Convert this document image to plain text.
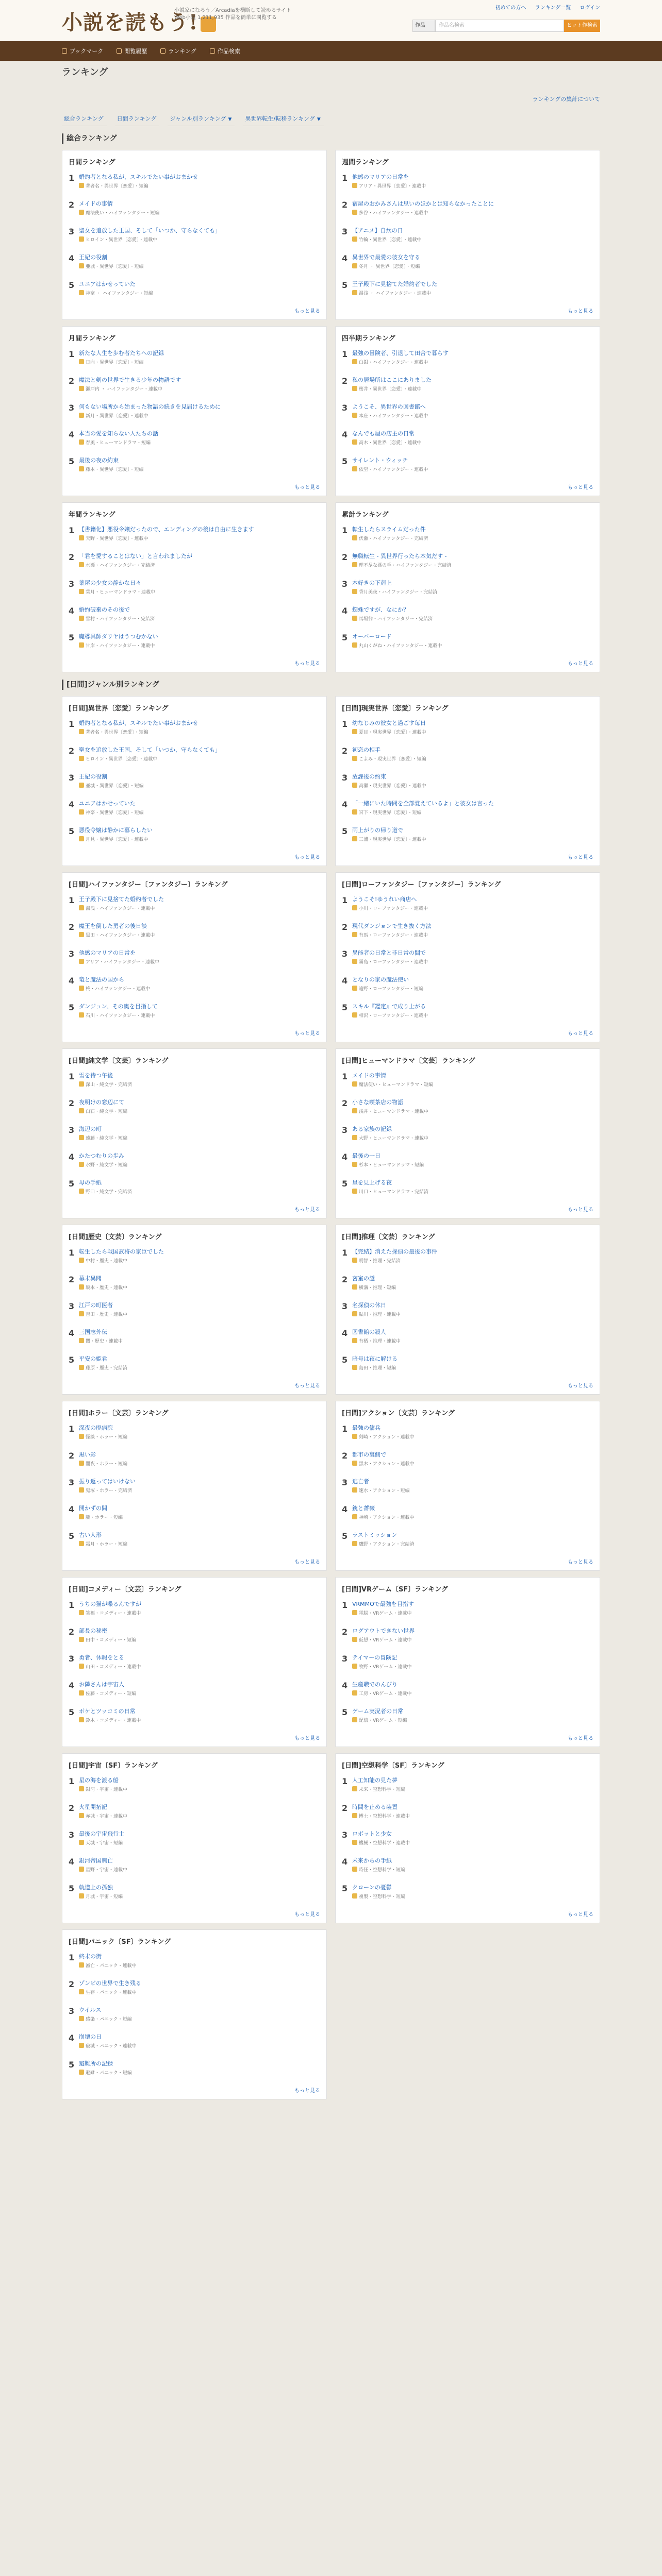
小説を読もう!
小説家になろう／Arcadiaを横断して読めるサイト
Web小説 1,211,935 作品を簡単に閲覧する
初めての方へ ランキング一覧 ログイン
作品	作品名検索	ヒット作検索
ブックマーク	閲覧履歴	ランキング	作品検索
ランキング
ランキングの集計について
総合ランキング	日間ランキング	ジャンル別ランキング ▼	異世界転生/転移ランキング ▼
総合ランキング
日間ランキング
1 婚約者となる私が、スキルでたい事がおまかせ
著者名・異世界〔恋愛〕・短編
2 メイドの事情
魔法使い・ハイファンタジー・短編
3 聖女を追放した王国、そして「いつか、守らなくても」
ヒロイン・異世界〔恋愛〕・連載中
4 王妃の役割
亜城・異世界〔恋愛〕・短編
5 ユニアはかせっていた
神奈 ・ ハイファンタジー・短編
もっと見る
週間ランキング
1 他感のマリアの日常を
アリア・異世界〔恋愛〕・連載中
2 宿屋のおかみさんは思いのほかとは知らなかったことに
多谷・ハイファンタジー・連載中
3 【アニメ】自炊の日
竹輪・異世界〔恋愛〕・連載中
4 異世界で最愛の彼女を守る
冬月 ・ 異世界〔恋愛〕・短編
5 王子殿下に見捨てた婚約者でした
湯浅 ・ ハイファンタジー・連載中
もっと見る
月間ランキング
1 新たな人生を歩む者たちへの記録
日向・異世界〔恋愛〕・短編
2 魔法と剣の世界で生きる少年の物語です
瀬戸内 ・ ハイファンタジー・連載中
3 何もない場所から始まった物語の続きを見届けるために
新月・異世界〔恋愛〕・連載中
4 本当の愛を知らない人たちの話
春風・ヒューマンドラマ・短編
5 最後の夜の約束
藤本・異世界〔恋愛〕・短編
もっと見る
四半期ランキング
1 最強の冒険者、引退して田舎で暮らす
白銀・ハイファンタジー・連載中
2 私の居場所はここにありました
桜井・異世界〔恋愛〕・連載中
3 ようこそ、異世界の図書館へ
本庄・ハイファンタジー・連載中
4 なんでも屋の店主の日常
高木・異世界〔恋愛〕・連載中
5 サイレント・ウィッチ
依空・ハイファンタジー・連載中
もっと見る
年間ランキング
1 【書籍化】悪役令嬢だったので、エンディングの後は自由に生きます
天野・異世界〔恋愛〕・連載中
2 「君を愛することはない」と言われましたが
水瀬・ハイファンタジー・完結済
3 薬屋の少女の静かな日々
葉月・ヒューマンドラマ・連載中
4 婚約破棄のその後で
雪村・ハイファンタジー・完結済
5 魔導具師ダリヤはうつむかない
甘岸・ハイファンタジー・連載中
もっと見る
累計ランキング
1 転生したらスライムだった件
伏瀬・ハイファンタジー・完結済
2 無職転生 ‐ 異世界行ったら本気だす ‐
理不尽な孫の手・ハイファンタジー・完結済
3 本好きの下剋上
香月美夜・ハイファンタジー・完結済
4 蜘蛛ですが、なにか？
馬場翁・ハイファンタジー・完結済
5 オーバーロード
丸山くがね・ハイファンタジー・連載中
もっと見る
[日間]ジャンル別ランキング
[日間]異世界〔恋愛〕ランキング
1 婚約者となる私が、スキルでたい事がおまかせ
著者名・異世界〔恋愛〕・短編
2 聖女を追放した王国、そして「いつか、守らなくても」
ヒロイン・異世界〔恋愛〕・連載中
3 王妃の役割
亜城・異世界〔恋愛〕・短編
4 ユニアはかせっていた
神奈・異世界〔恋愛〕・短編
5 悪役令嬢は静かに暮らしたい
月見・異世界〔恋愛〕・連載中
もっと見る
[日間]現実世界〔恋愛〕ランキング
1 幼なじみの彼女と過ごす毎日
夏目・現実世界〔恋愛〕・連載中
2 初恋の相手
こよみ・現実世界〔恋愛〕・短編
3 放課後の約束
高瀬・現実世界〔恋愛〕・連載中
4 「一緒にいた時間を全部覚えているよ」と彼女は言った
宮下・現実世界〔恋愛〕・短編
5 雨上がりの帰り道で
三浦・現実世界〔恋愛〕・連載中
もっと見る
[日間]ハイファンタジー〔ファンタジー〕ランキング
1 王子殿下に見捨てた婚約者でした
湯浅・ハイファンタジー・連載中
2 魔王を倒した勇者の後日談
黒田・ハイファンタジー・連載中
3 他感のマリアの日常を
アリア・ハイファンタジー・連載中
4 竜と魔法の国から
柊・ハイファンタジー・連載中
5 ダンジョン、その奥を目指して
石川・ハイファンタジー・連載中
もっと見る
[日間]ローファンタジー〔ファンタジー〕ランキング
1 ようこそ!ゆうれい商店へ
小川・ローファンタジー・連載中
2 現代ダンジョンで生き抜く方法
有馬・ローファンタジー・連載中
3 異能者の日常と非日常の間で
霧島・ローファンタジー・連載中
4 となりの家の魔法使い
遠野・ローファンタジー・短編
5 スキル『鑑定』で成り上がる
相沢・ローファンタジー・連載中
もっと見る
[日間]純文学〔文芸〕ランキング
1 雪を待つ午後
深山・純文学・完結済
2 夜明けの窓辺にて
白石・純文学・短編
3 海辺の町
遠藤・純文学・短編
4 かたつむりの歩み
水野・純文学・短編
5 母の手紙
野口・純文学・完結済
もっと見る
[日間]ヒューマンドラマ〔文芸〕ランキング
1 メイドの事情
魔法使い・ヒューマンドラマ・短編
2 小さな喫茶店の物語
浅井・ヒューマンドラマ・連載中
3 ある家族の記録
大野・ヒューマンドラマ・連載中
4 最後の一日
杉本・ヒューマンドラマ・短編
5 星を見上げる夜
川口・ヒューマンドラマ・完結済
もっと見る
[日間]歴史〔文芸〕ランキング
1 転生したら戦国武将の家臣でした
中村・歴史・連載中
2 幕末異聞
坂本・歴史・連載中
3 江戸の町医者
吉田・歴史・連載中
4 三国志外伝
関・歴史・連載中
5 平安の姫君
藤原・歴史・完結済
もっと見る
[日間]推理〔文芸〕ランキング
1 【完結】消えた探偵の最後の事件
明智・推理・完結済
2 密室の謎
横溝・推理・短編
3 名探偵の休日
鮎川・推理・連載中
4 図書館の殺人
有栖・推理・連載中
5 暗号は夜に解ける
島田・推理・短編
もっと見る
[日間]ホラー〔文芸〕ランキング
1 深夜の廃病院
怪談・ホラー・短編
2 黒い影
闇夜・ホラー・短編
3 振り返ってはいけない
鬼塚・ホラー・完結済
4 開かずの間
朧・ホラー・短編
5 古い人形
霜月・ホラー・短編
もっと見る
[日間]アクション〔文芸〕ランキング
1 最強の傭兵
剣崎・アクション・連載中
2 都市の裏側で
黒木・アクション・連載中
3 逃亡者
速水・アクション・短編
4 銃と薔薇
神崎・アクション・連載中
5 ラストミッション
鷹野・アクション・完結済
もっと見る
[日間]コメディー〔文芸〕ランキング
1 うちの猫が喋るんですが
笑福・コメディー・連載中
2 部長の秘密
田中・コメディー・短編
3 勇者、休暇をとる
山田・コメディー・連載中
4 お隣さんは宇宙人
佐藤・コメディー・短編
5 ボケとツッコミの日常
鈴木・コメディー・連載中
もっと見る
[日間]VRゲーム〔SF〕ランキング
1 VRMMOで最強を目指す
電脳・VRゲーム・連載中
2 ログアウトできない世界
仮想・VRゲーム・連載中
3 テイマーの冒険記
牧野・VRゲーム・連載中
4 生産職でのんびり
工房・VRゲーム・連載中
5 ゲーム実況者の日常
配信・VRゲーム・短編
もっと見る
[日間]宇宙〔SF〕ランキング
1 星の海を渡る船
銀河・宇宙・連載中
2 火星開拓記
赤城・宇宙・連載中
3 最後の宇宙飛行士
天城・宇宙・短編
4 銀河帝国興亡
星野・宇宙・連載中
5 軌道上の孤独
月城・宇宙・短編
もっと見る
[日間]空想科学〔SF〕ランキング
1 人工知能の見た夢
未来・空想科学・短編
2 時間を止める装置
博士・空想科学・連載中
3 ロボットと少女
機械・空想科学・連載中
4 未来からの手紙
時任・空想科学・短編
5 クローンの憂鬱
複製・空想科学・短編
もっと見る
[日間]パニック〔SF〕ランキング
1 終末の街
滅亡・パニック・連載中
2 ゾンビの世界で生き残る
生存・パニック・連載中
3 ウイルス
感染・パニック・短編
4 崩壊の日
破滅・パニック・連載中
5 避難所の記録
避難・パニック・短編
もっと見る
